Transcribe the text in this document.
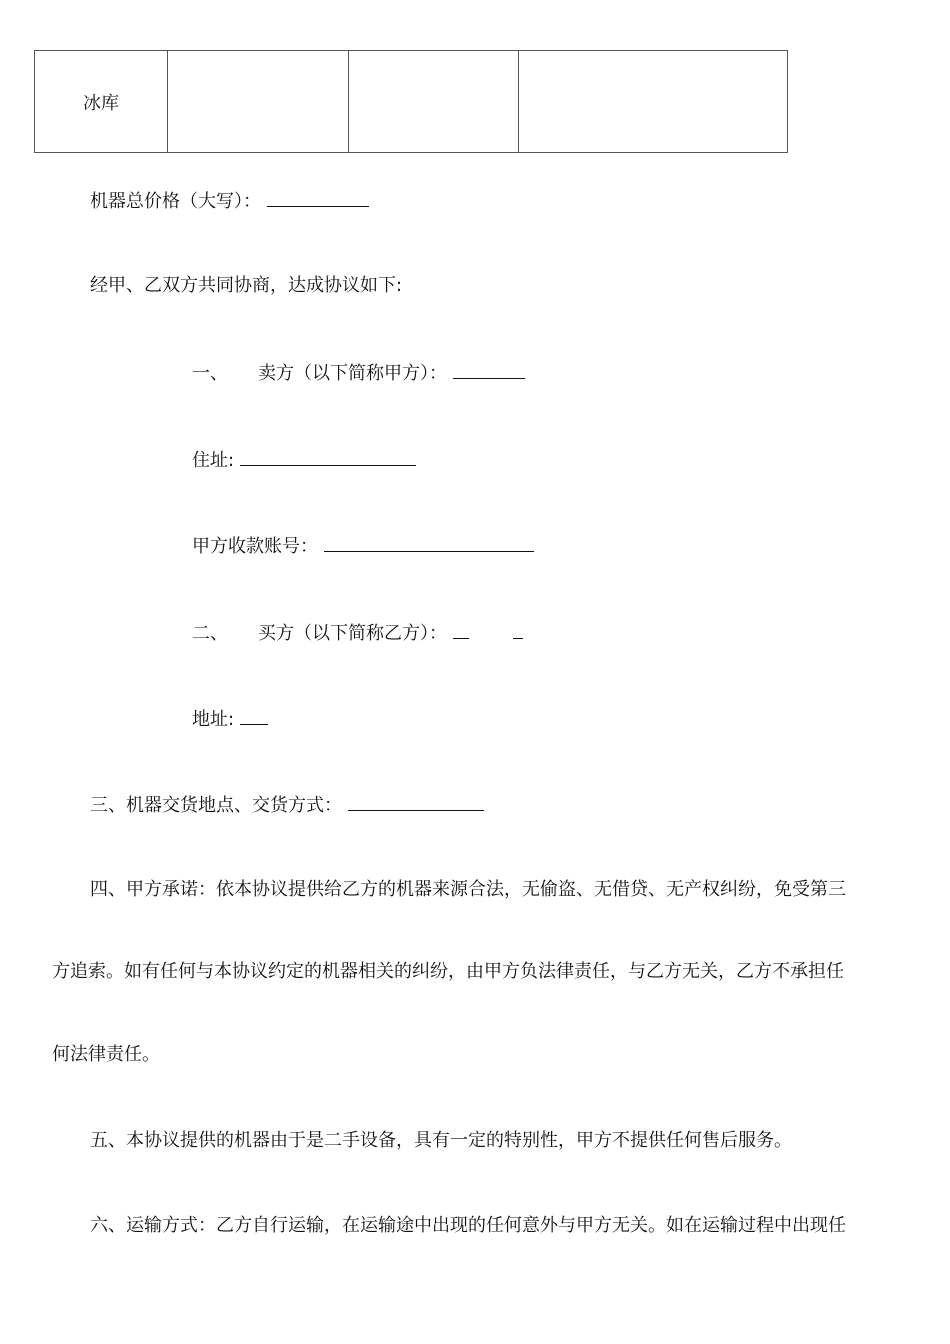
冰库			
机器总价格（大写）：
经甲、乙双方共同协商，达成协议如下:
一、 卖方（以下简称甲方）：
住址:
甲方收款账号：
二、 买方（以下简称乙方）：
地址:
三、机器交货地点、交货方式：
四、甲方承诺：依本协议提供给乙方的机器来源合法，无偷盗、无借贷、无产权纠纷，免受第三
方追索。如有任何与本协议约定的机器相关的纠纷，由甲方负法律责任，与乙方无关，乙方不承担任
何法律责任。
五、本协议提供的机器由于是二手设备，具有一定的特别性，甲方不提供任何售后服务。
六、运输方式：乙方自行运输，在运输途中出现的任何意外与甲方无关。如在运输过程中出现任
